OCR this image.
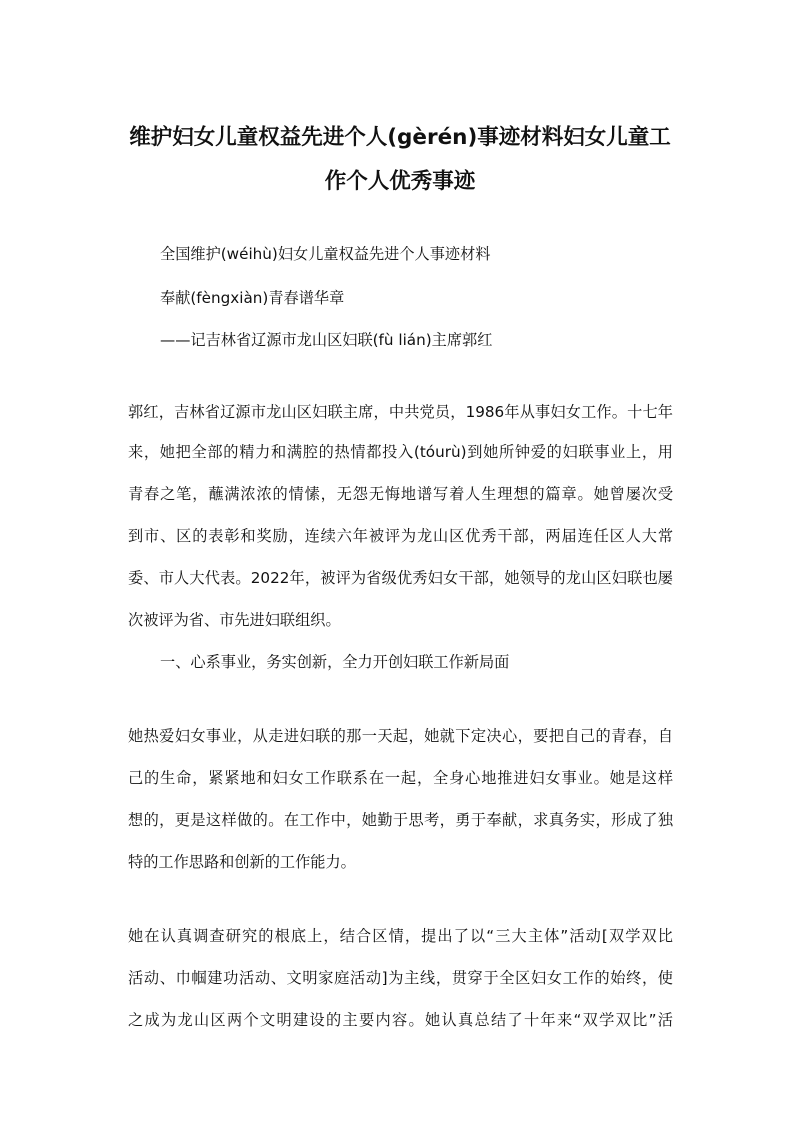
维护妇女儿童权益先进个人(gèrén)事迹材料妇女儿童工
作个人优秀事迹
全国维护(wéihù)妇女儿童权益先进个人事迹材料
奉献(fèngxiàn)青春谱华章
——记吉林省辽源市龙山区妇联(fù lián)主席郭红
郭红，吉林省辽源市龙山区妇联主席，中共党员，1986年从事妇女工作。十七年
来，她把全部的精力和满腔的热情都投入(tóurù)到她所钟爱的妇联事业上，用
青春之笔，蘸满浓浓的情愫，无怨无悔地谱写着人生理想的篇章。她曾屡次受
到市、区的表彰和奖励，连续六年被评为龙山区优秀干部，两届连任区人大常
委、市人大代表。2022年，被评为省级优秀妇女干部，她领导的龙山区妇联也屡
次被评为省、市先进妇联组织。
一、心系事业，务实创新，全力开创妇联工作新局面
她热爱妇女事业，从走进妇联的那一天起，她就下定决心，要把自己的青春，自
己的生命，紧紧地和妇女工作联系在一起，全身心地推进妇女事业。她是这样
想的，更是这样做的。在工作中，她勤于思考，勇于奉献，求真务实，形成了独
特的工作思路和创新的工作能力。
她在认真调查研究的根底上，结合区情，提出了以“三大主体”活动[双学双比
活动、巾帼建功活动、文明家庭活动]为主线，贯穿于全区妇女工作的始终，使
之成为龙山区两个文明建设的主要内容。她认真总结了十年来“双学双比”活
